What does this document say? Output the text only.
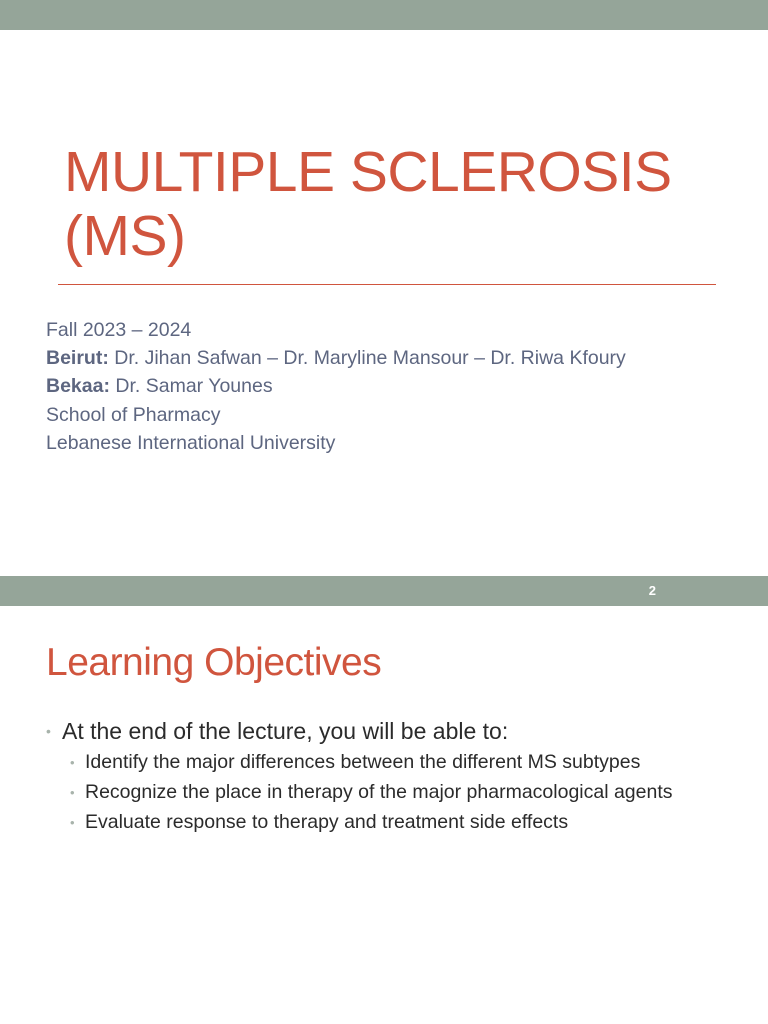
MULTIPLE SCLEROSIS
(MS)
Fall 2023 – 2024
Beirut: Dr. Jihan Safwan – Dr. Maryline Mansour – Dr. Riwa Kfoury
Bekaa: Dr. Samar Younes
School of Pharmacy
Lebanese International University
2
Learning Objectives
• At the end of the lecture, you will be able to:
• Identify the major differences between the different MS subtypes
• Recognize the place in therapy of the major pharmacological agents
• Evaluate response to therapy and treatment side effects
